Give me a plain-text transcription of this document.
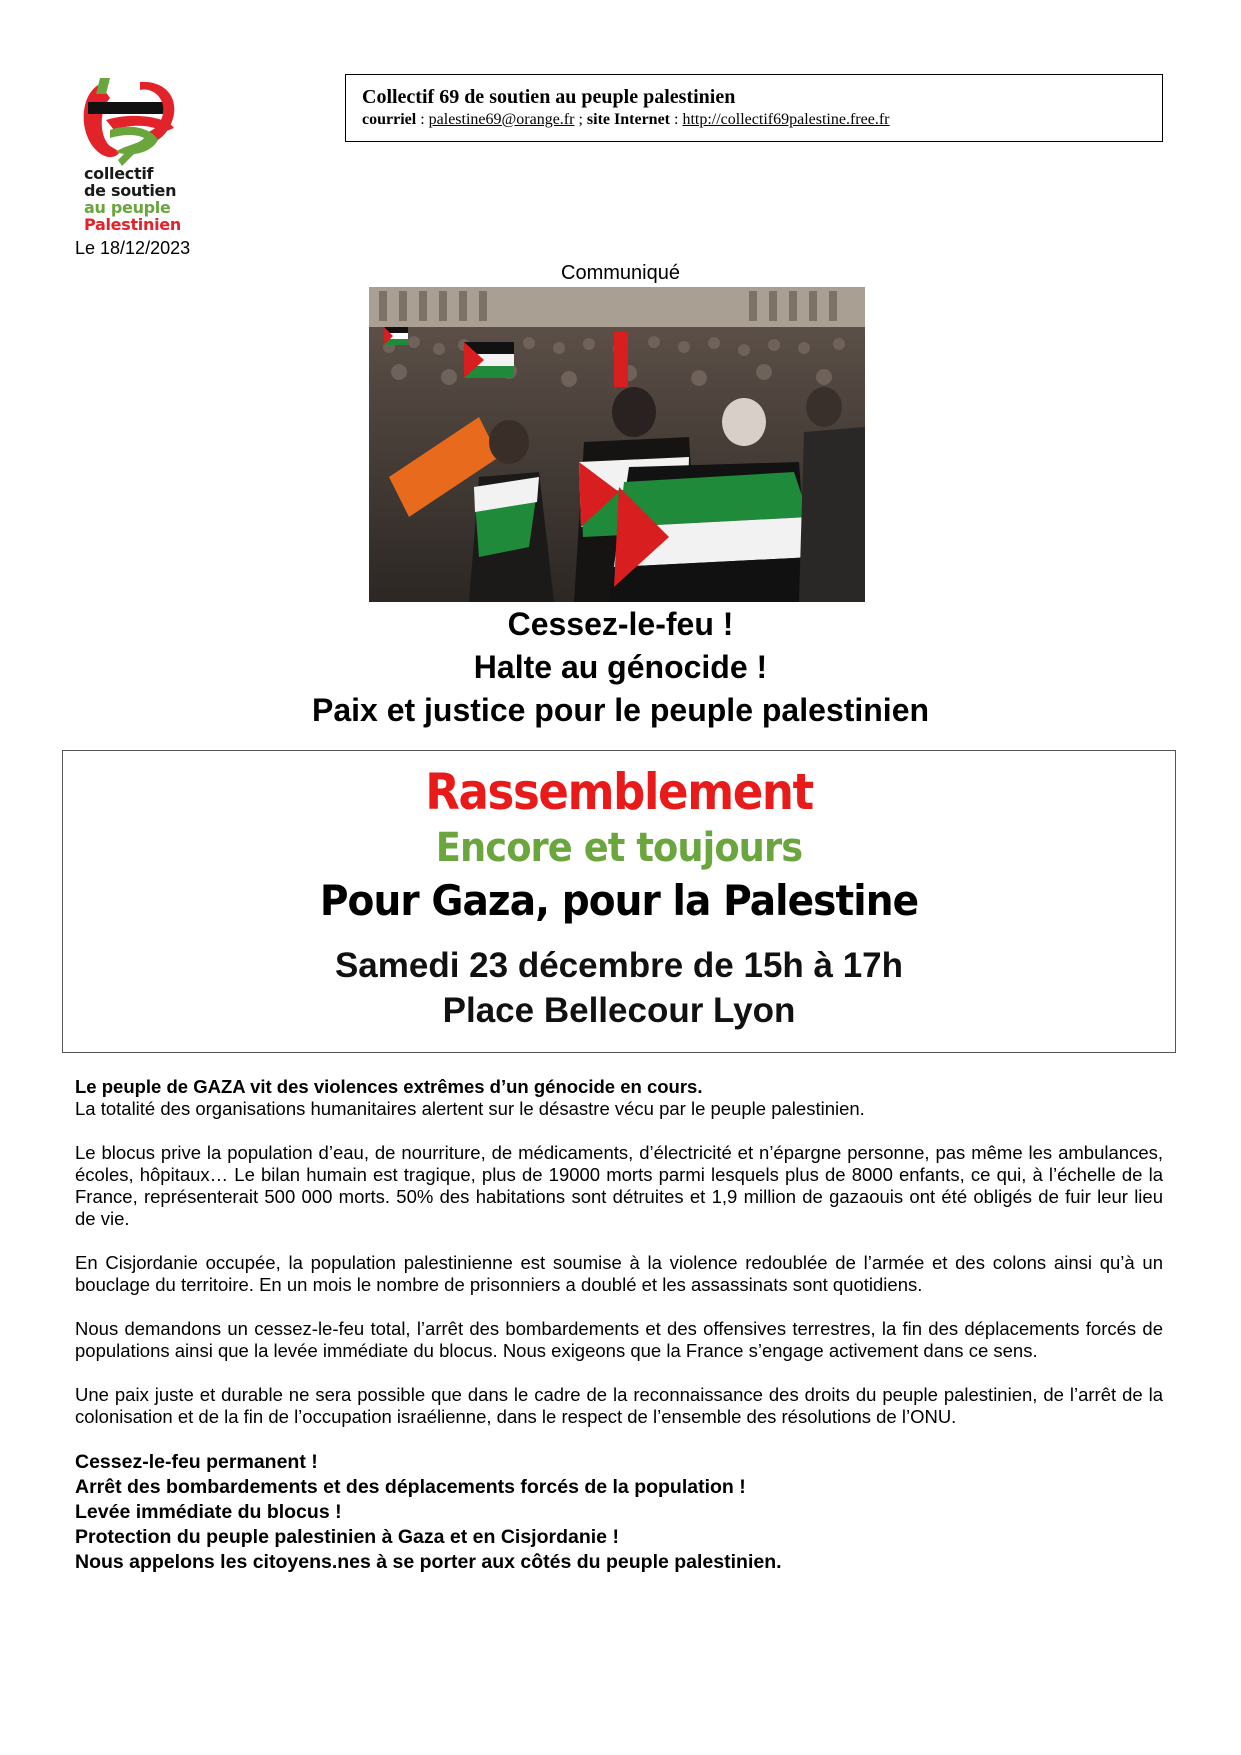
collectif
de soutien
au peuple
Palestinien
Le 18/12/2023
Collectif 69 de soutien au peuple palestinien
courriel : palestine69@orange.fr ; site Internet : http://collectif69palestine.free.fr
Communiqué
Cessez-le-feu !
Halte au génocide !
Paix et justice pour le peuple palestinien
Rassemblement
Encore et toujours
Pour Gaza, pour la Palestine
Samedi 23 décembre de 15h à 17h
Place Bellecour Lyon

Le peuple de GAZA vit des violences extrêmes d’un génocide en cours.
La totalité des organisations humanitaires alertent sur le désastre vécu par le peuple palestinien.

Le blocus prive la population d’eau, de nourriture, de médicaments, d’électricité et n’épargne personne, pas même les ambulances, écoles, hôpitaux… Le bilan humain est tragique, plus de 19000 morts parmi lesquels plus de 8000 enfants, ce qui, à l’échelle de la France, représenterait 500 000 morts. 50% des habitations sont détruites et 1,9 million de gazaouis ont été obligés de fuir leur lieu de vie.

En Cisjordanie occupée, la population palestinienne est soumise à la violence redoublée de l’armée et des colons ainsi qu’à un bouclage du territoire. En un mois le nombre de prisonniers a doublé et les assassinats sont quotidiens.

Nous demandons un cessez-le-feu total, l’arrêt des bombardements et des offensives terrestres, la fin des déplacements forcés de populations ainsi que la levée immédiate du blocus. Nous exigeons que la France s’engage activement dans ce sens.

Une paix juste et durable ne sera possible que dans le cadre de la reconnaissance des droits du peuple palestinien, de l’arrêt de la colonisation et de la fin de l’occupation israélienne, dans le respect de l’ensemble des résolutions de l’ONU.

Cessez-le-feu permanent !
Arrêt des bombardements et des déplacements forcés de la population !
Levée immédiate du blocus !
Protection du peuple palestinien à Gaza et en Cisjordanie !
Nous appelons les citoyens.nes à se porter aux côtés du peuple palestinien.
